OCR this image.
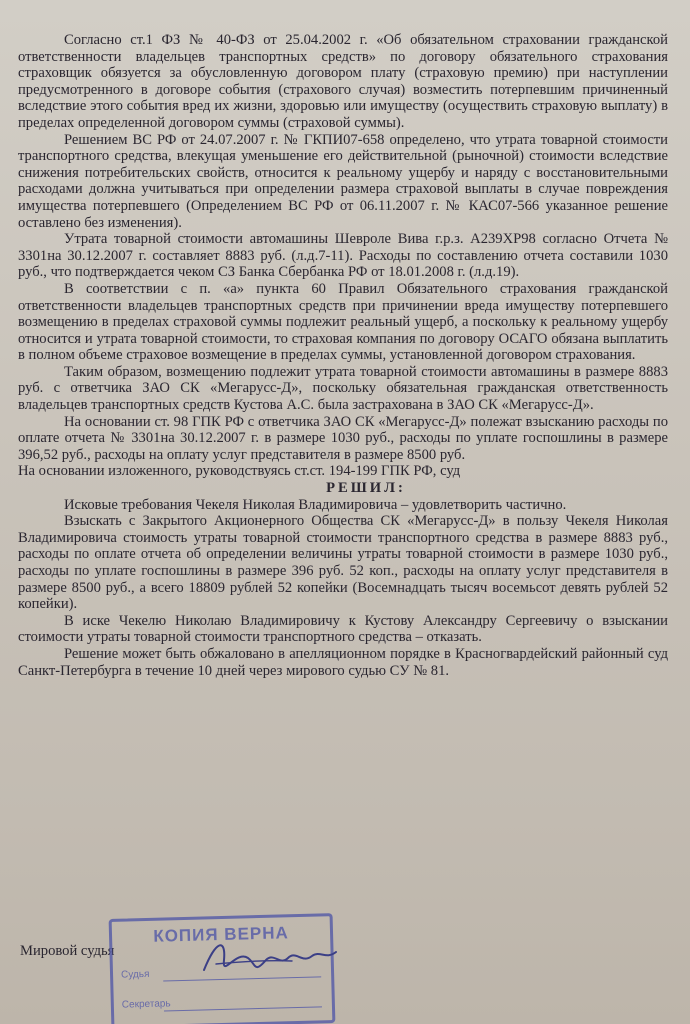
Согласно ст.1 ФЗ № 40-ФЗ от 25.04.2002 г. «Об обязательном страховании гражданской ответственности владельцев транспортных средств» по договору обязательного страхования страховщик обязуется за обусловленную договором плату (страховую премию) при наступлении предусмотренного в договоре события (страхового случая) возместить потерпевшим причиненный вследствие этого события вред их жизни, здоровью или имуществу (осуществить страховую выплату) в пределах определенной договором суммы (страховой суммы).

Решением ВС РФ от 24.07.2007 г. № ГКПИ07-658 определено, что утрата товарной стоимости транспортного средства, влекущая уменьшение его действительной (рыночной) стоимости вследствие снижения потребительских свойств, относится к реальному ущербу и наряду с восстановительными расходами должна учитываться при определении размера страховой выплаты в случае повреждения имущества потерпевшего (Определением ВС РФ от 06.11.2007 г. № КАС07-566 указанное решение оставлено без изменения).

Утрата товарной стоимости автомашины Шевроле Вива г.р.з. А239ХР98 согласно Отчета № 3301на 30.12.2007 г. составляет 8883 руб. (л.д.7-11). Расходы по составлению отчета составили 1030 руб., что подтверждается чеком СЗ Банка Сбербанка РФ от 18.01.2008 г. (л.д.19).

В соответствии с п. «а» пункта 60 Правил Обязательного страхования гражданской ответственности владельцев транспортных средств при причинении вреда имуществу потерпевшего возмещению в пределах страховой суммы подлежит реальный ущерб, а поскольку к реальному ущербу относится и утрата товарной стоимости, то страховая компания по договору ОСАГО обязана выплатить в полном объеме страховое возмещение в пределах суммы, установленной договором страхования.

Таким образом, возмещению подлежит утрата товарной стоимости автомашины в размере 8883 руб. с ответчика ЗАО СК «Мегарусс-Д», поскольку обязательная гражданская ответственность владельцев транспортных средств Кустова А.С. была застрахована в ЗАО СК «Мегарусс-Д».

На основании ст. 98 ГПК РФ с ответчика ЗАО СК «Мегарусс-Д» полежат взысканию расходы по оплате отчета № 3301на 30.12.2007 г. в размере 1030 руб., расходы по уплате госпошлины в размере 396,52 руб., расходы на оплату услуг представителя в размере 8500 руб.

На основании изложенного, руководствуясь ст.ст. 194-199 ГПК РФ, суд

РЕШИЛ:

Исковые требования Чекеля Николая Владимировича – удовлетворить частично.

Взыскать с Закрытого Акционерного Общества СК «Мегарусс-Д» в пользу Чекеля Николая Владимировича стоимость утраты товарной стоимости транспортного средства в размере 8883 руб., расходы по оплате отчета об определении величины утраты товарной стоимости в размере 1030 руб., расходы по уплате госпошлины в размере 396 руб. 52 коп., расходы на оплату услуг представителя в размере 8500 руб., а всего 18809 рублей 52 копейки (Восемнадцать тысяч восемьсот девять рублей 52 копейки).

В иске Чекелю Николаю Владимировичу к Кустову Александру Сергеевичу о взыскании стоимости утраты товарной стоимости транспортного средства – отказать.

Решение может быть обжаловано в апелляционном порядке в Красногвардейский районный суд Санкт-Петербурга в течение 10 дней через мирового судью СУ № 81.

Мировой судья
КОПИЯ ВЕРНА
Судья
Секретарь
